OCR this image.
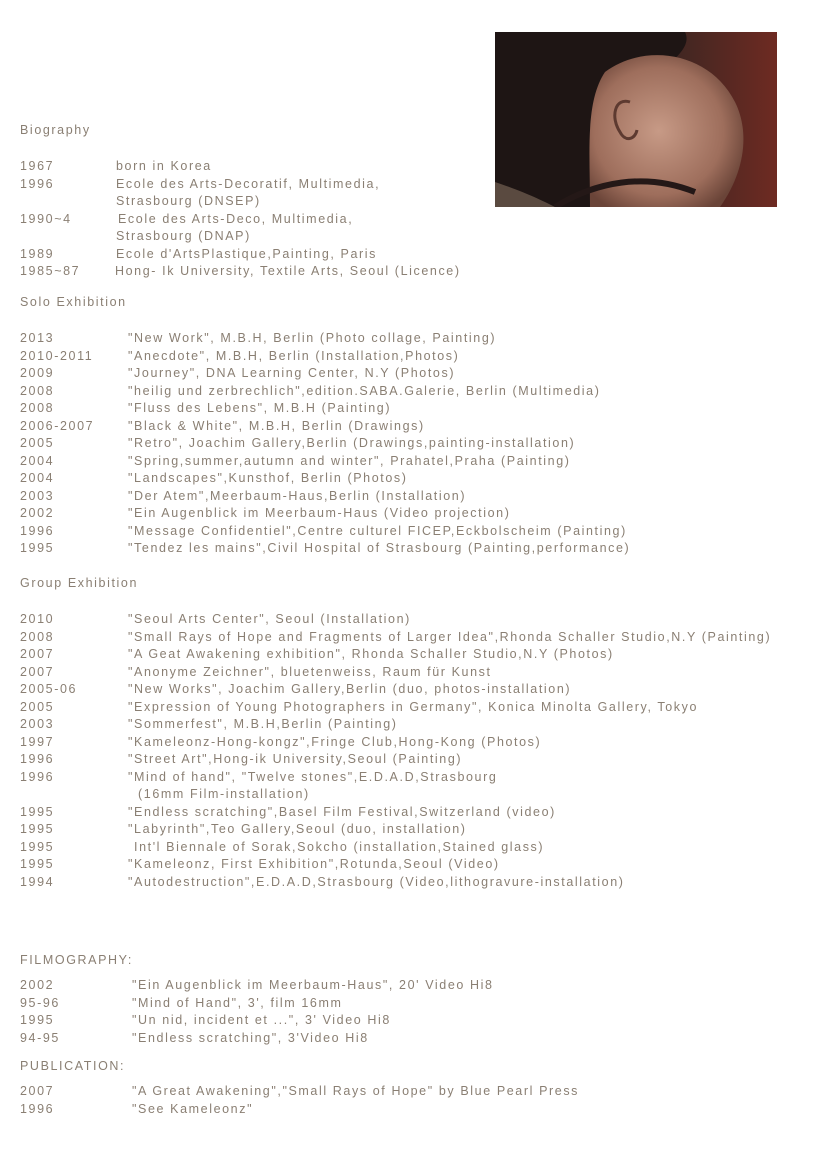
Biography
1967	born in Korea
1996	Ecole des Arts-Decoratif, Multimedia,
Strasbourg (DNSEP)
1990~4	Ecole des Arts-Deco, Multimedia,
Strasbourg (DNAP)
1989	Ecole d'ArtsPlastique,Painting, Paris
1985~87	Hong- Ik University, Textile Arts, Seoul (Licence)
Solo Exhibition
2013	"New Work", M.B.H, Berlin (Photo collage, Painting)
2010-2011	"Anecdote", M.B.H, Berlin (Installation,Photos)
2009	"Journey", DNA Learning Center, N.Y (Photos)
2008	"heilig und zerbrechlich",edition.SABA.Galerie, Berlin (Multimedia)
2008	"Fluss des Lebens", M.B.H (Painting)
2006-2007	"Black & White", M.B.H, Berlin (Drawings)
2005	"Retro", Joachim Gallery,Berlin (Drawings,painting-installation)
2004	"Spring,summer,autumn and winter", Prahatel,Praha (Painting)
2004	"Landscapes",Kunsthof, Berlin (Photos)
2003	"Der Atem",Meerbaum-Haus,Berlin (Installation)
2002	"Ein Augenblick im Meerbaum-Haus (Video projection)
1996	"Message Confidentiel",Centre culturel FICEP,Eckbolscheim (Painting)
1995	"Tendez les mains",Civil Hospital of Strasbourg (Painting,performance)
Group Exhibition
2010	"Seoul Arts Center", Seoul (Installation)
2008	"Small Rays of Hope and Fragments of Larger Idea",Rhonda Schaller Studio,N.Y (Painting)
2007	"A Geat Awakening exhibition", Rhonda Schaller Studio,N.Y (Photos)
2007	"Anonyme Zeichner", bluetenweiss, Raum für Kunst
2005-06	"New Works", Joachim Gallery,Berlin (duo, photos-installation)
2005	"Expression of Young Photographers in Germany", Konica Minolta Gallery, Tokyo
2003	"Sommerfest", M.B.H,Berlin (Painting)
1997	"Kameleonz-Hong-kongz",Fringe Club,Hong-Kong (Photos)
1996	"Street Art",Hong-ik University,Seoul (Painting)
1996	"Mind of hand", "Twelve stones",E.D.A.D,Strasbourg
(16mm Film-installation)
1995	"Endless scratching",Basel Film Festival,Switzerland (video)
1995	"Labyrinth",Teo Gallery,Seoul (duo, installation)
1995	Int'l Biennale of Sorak,Sokcho (installation,Stained glass)
1995	"Kameleonz, First Exhibition",Rotunda,Seoul (Video)
1994	"Autodestruction",E.D.A.D,Strasbourg (Video,lithogravure-installation)
FILMOGRAPHY:
2002	"Ein Augenblick im Meerbaum-Haus", 20' Video Hi8
95-96	"Mind of Hand", 3', film 16mm
1995	"Un nid, incident et ...", 3' Video Hi8
94-95	"Endless scratching", 3'Video Hi8
PUBLICATION:
2007	"A Great Awakening","Small Rays of Hope" by Blue Pearl Press
1996	"See Kameleonz"
